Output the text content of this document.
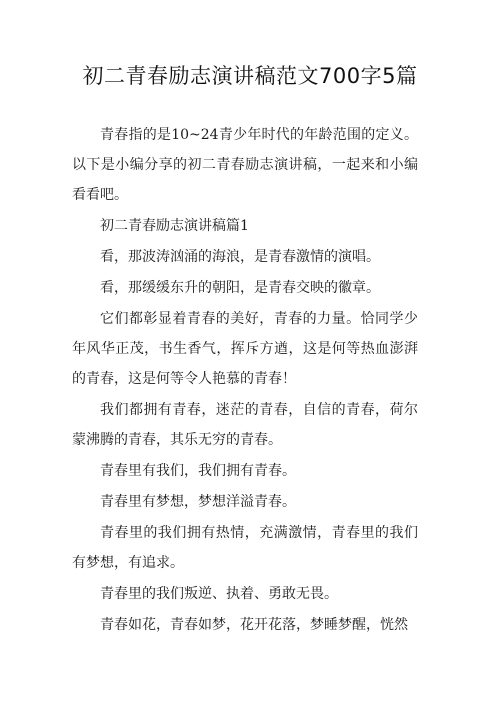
初二青春励志演讲稿范文700字5篇

青春指的是10~24青少年时代的年龄范围的定义。以下是小编分享的初二青春励志演讲稿，一起来和小编看看吧。

初二青春励志演讲稿篇1

看，那波涛汹涌的海浪，是青春激情的演唱。

看，那缓缓东升的朝阳，是青春交映的徽章。

它们都彰显着青春的美好，青春的力量。恰同学少年风华正茂，书生香气，挥斥方遒，这是何等热血澎湃的青春，这是何等令人艳慕的青春！

我们都拥有青春，迷茫的青春，自信的青春，荷尔蒙沸腾的青春，其乐无穷的青春。

青春里有我们，我们拥有青春。

青春里有梦想，梦想洋溢青春。

青春里的我们拥有热情，充满激情，青春里的我们有梦想，有追求。

青春里的我们叛逆、执着、勇敢无畏。

青春如花，青春如梦，花开花落，梦睡梦醒，恍然
